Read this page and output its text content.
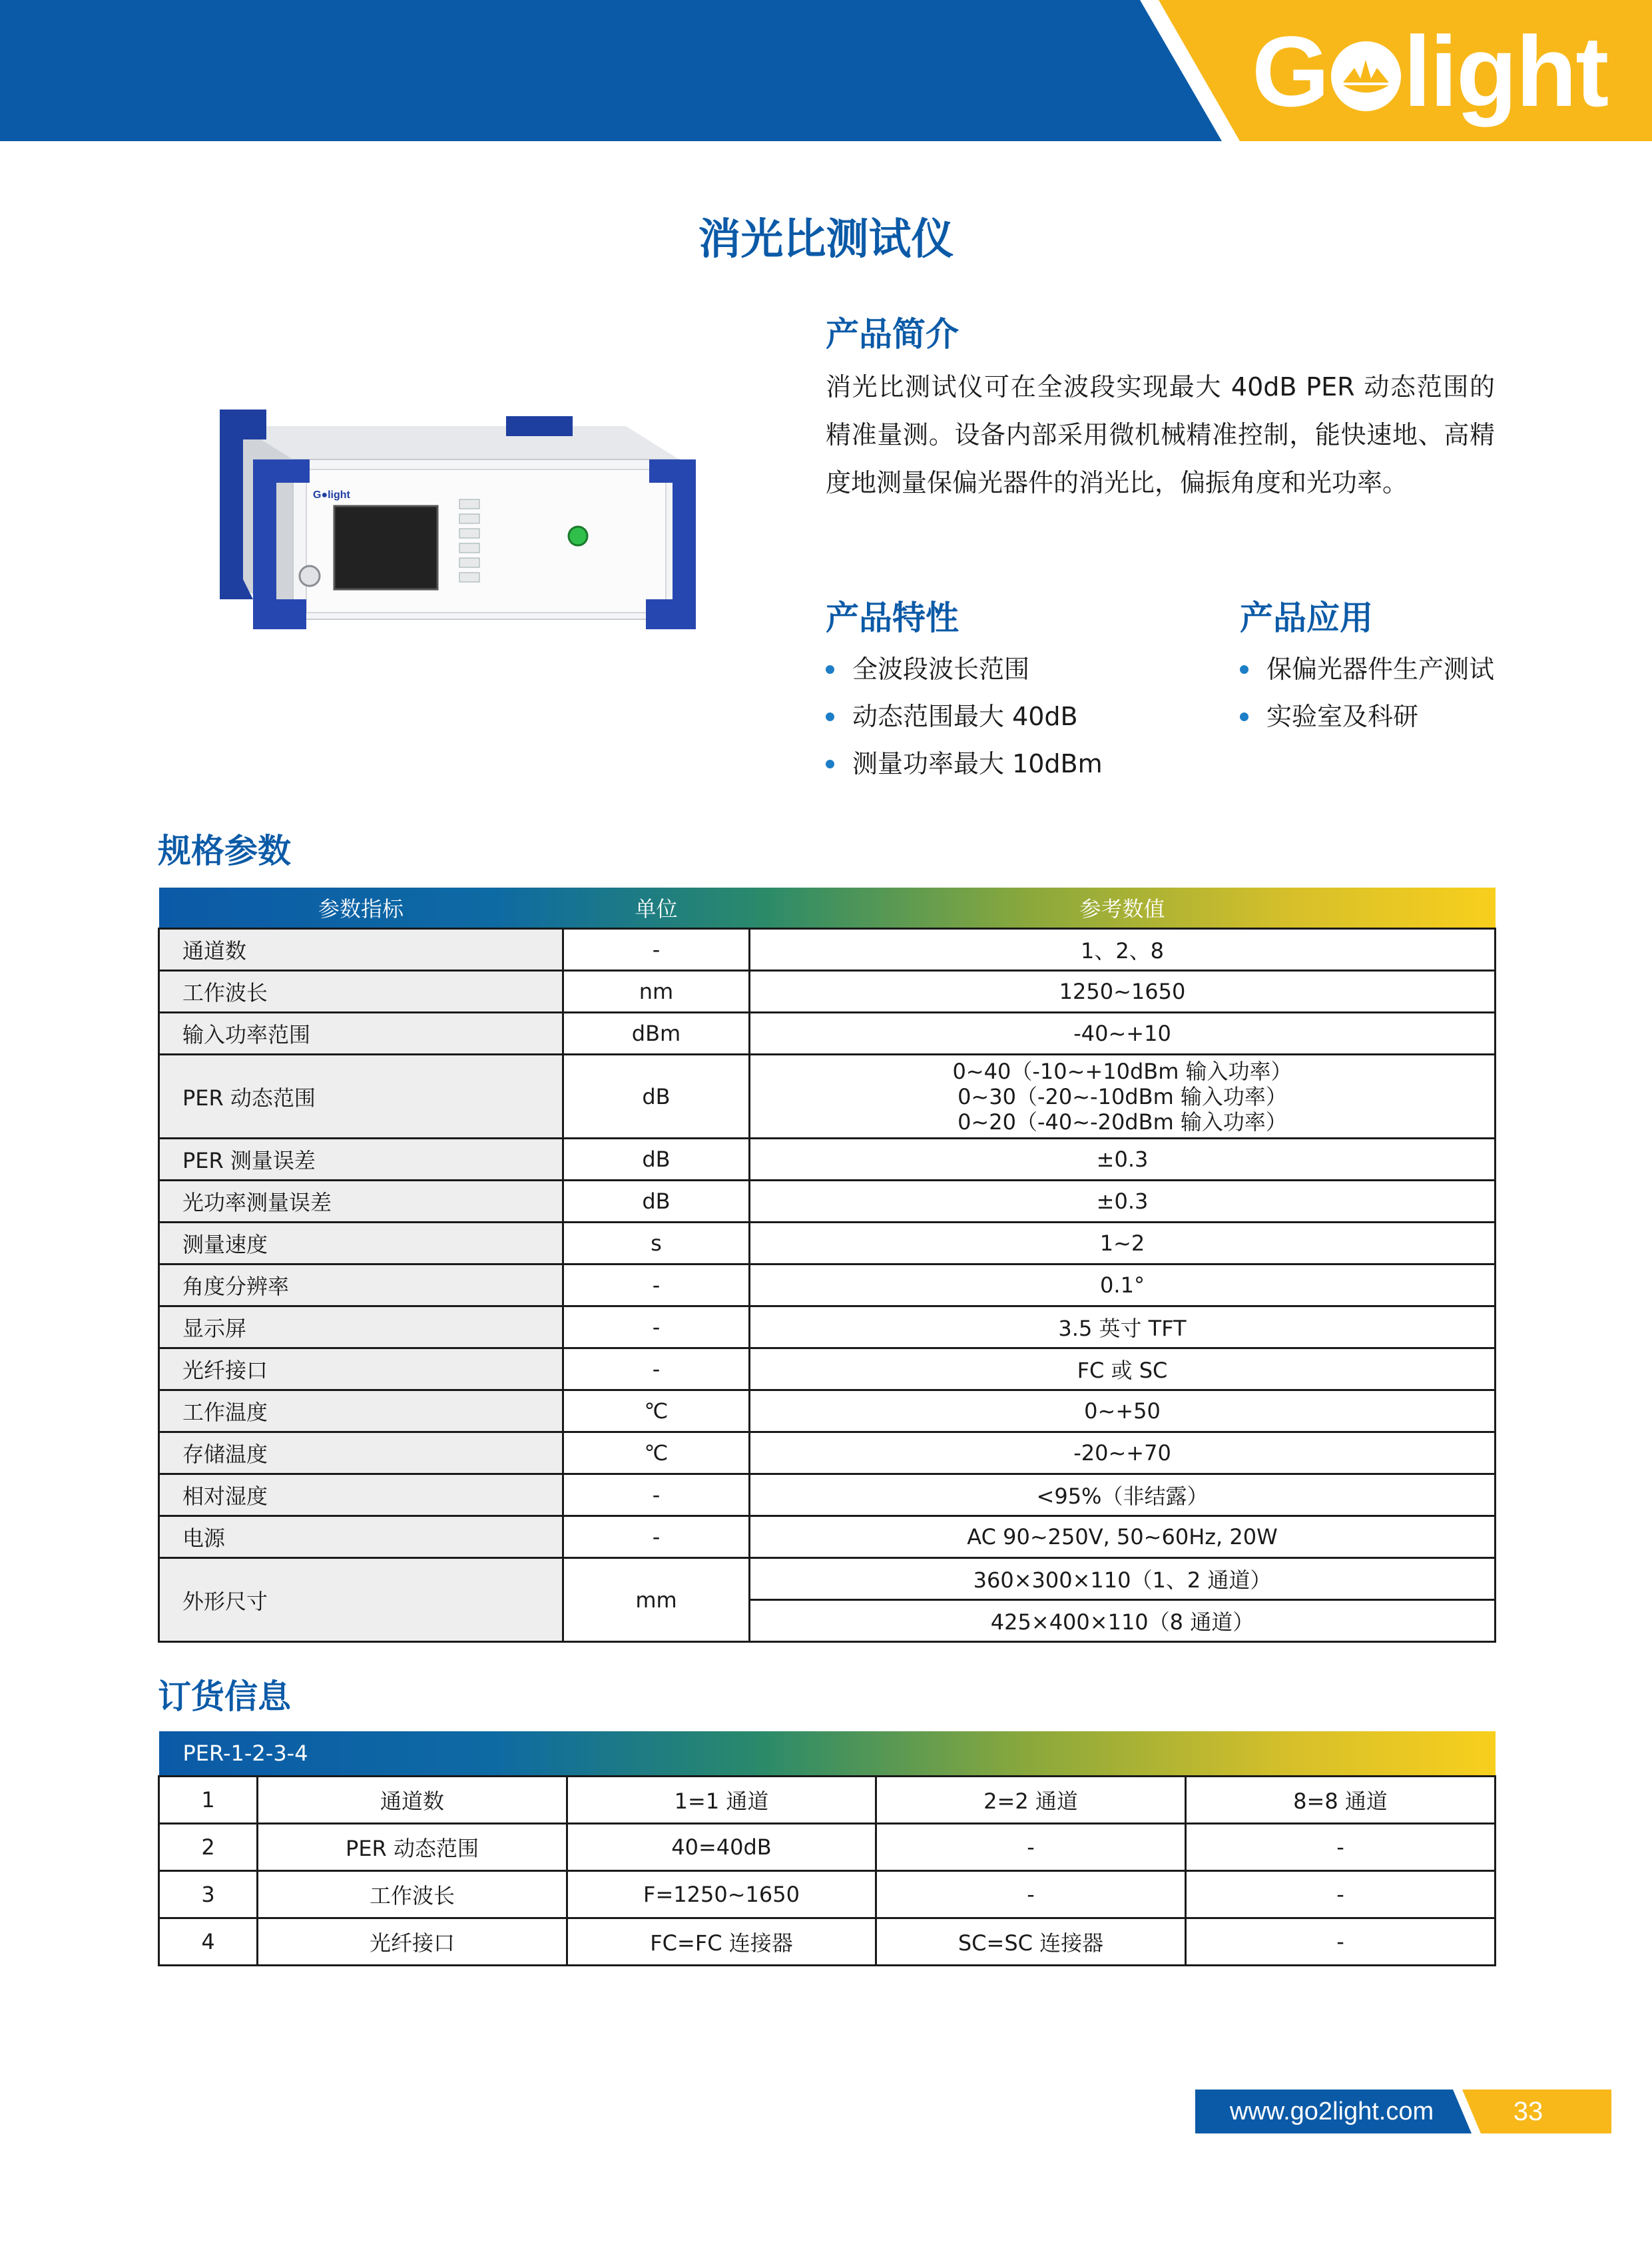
G light
消光比测试仪
产品简介
消光比测试仪可在全波段实现最大 40dB PER 动态范围的精准量测。设备内部采用微机械精准控制，能快速地、高精度地测量保偏光器件的消光比，偏振角度和光功率。
G●light
产品特性
全波段波长范围
动态范围最大 40dB
测量功率最大 10dBm
产品应用
保偏光器件生产测试
实验室及科研
规格参数
参数指标	单位	参考数值
通道数	-	1、2、8
工作波长	nm	1250~1650
输入功率范围	dBm	-40~+10
PER 动态范围	dB	0~40（-10~+10dBm 输入功率）
0~30（-20~-10dBm 输入功率）
0~20（-40~-20dBm 输入功率）

PER 测量误差	dB	±0.3
光功率测量误差	dB	±0.3
测量速度	s	1~2
角度分辨率	-	0.1°
显示屏	-	3.5 英寸 TFT
光纤接口	-	FC 或 SC
工作温度	℃	0~+50
存储温度	℃	-20~+70
相对湿度	-	<95%（非结露）
电源	-	AC 90~250V, 50~60Hz, 20W
外形尺寸	mm	360×300×110（1、2 通道）
		425×400×110（8 通道）
订货信息
PER-1-2-3-4				
1	通道数	1=1 通道	2=2 通道	8=8 通道
2	PER 动态范围	40=40dB	-	-
3	工作波长	F=1250~1650	-	-
4	光纤接口	FC=FC 连接器	SC=SC 连接器	-
www.go2light.com	33
